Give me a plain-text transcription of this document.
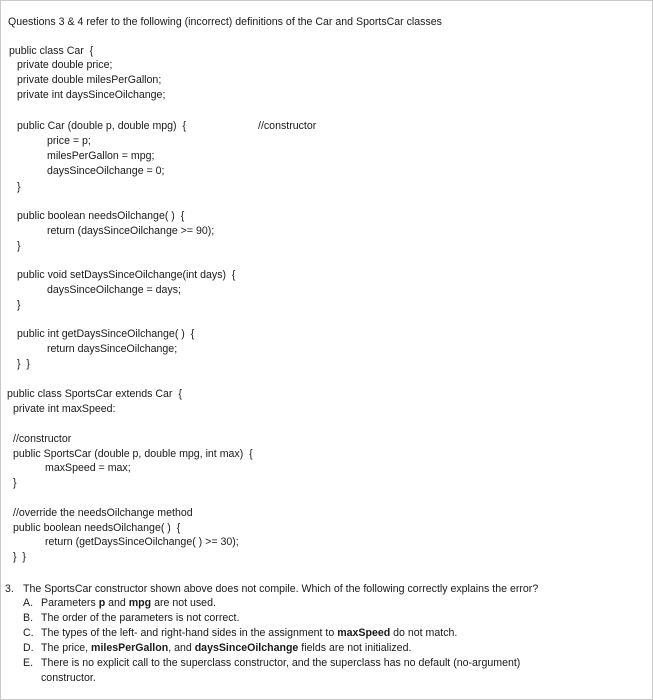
Questions 3 & 4 refer to the following (incorrect) definitions of the Car and SportsCar classes
public class Car  {
private double price;
private double milesPerGallon;
private int daysSinceOilchange;
public Car (double p, double mpg)  {	//constructor
price = p;
milesPerGallon = mpg;
daysSinceOilchange = 0;
}
public boolean needsOilchange( )  {
return (daysSinceOilchange >= 90);
}
public void setDaysSinceOilchange(int days)  {
daysSinceOilchange = days;
}
public int getDaysSinceOilchange( )  {
return daysSinceOilchange;
}  }
public class SportsCar extends Car  {
private int maxSpeed:
//constructor
public SportsCar (double p, double mpg, int max)  {
maxSpeed = max;
}
//override the needsOilchange method
public boolean needsOilchange( )  {
return (getDaysSinceOilchange( ) >= 30);
}  }
3. The SportsCar constructor shown above does not compile. Which of the following correctly explains the error?
A. Parameters p and mpg are not used.
B. The order of the parameters is not correct.
C. The types of the left- and right-hand sides in the assignment to maxSpeed do not match.
D. The price, milesPerGallon, and daysSinceOilchange fields are not initialized.
E. There is no explicit call to the superclass constructor, and the superclass has no default (no-argument)
constructor.
